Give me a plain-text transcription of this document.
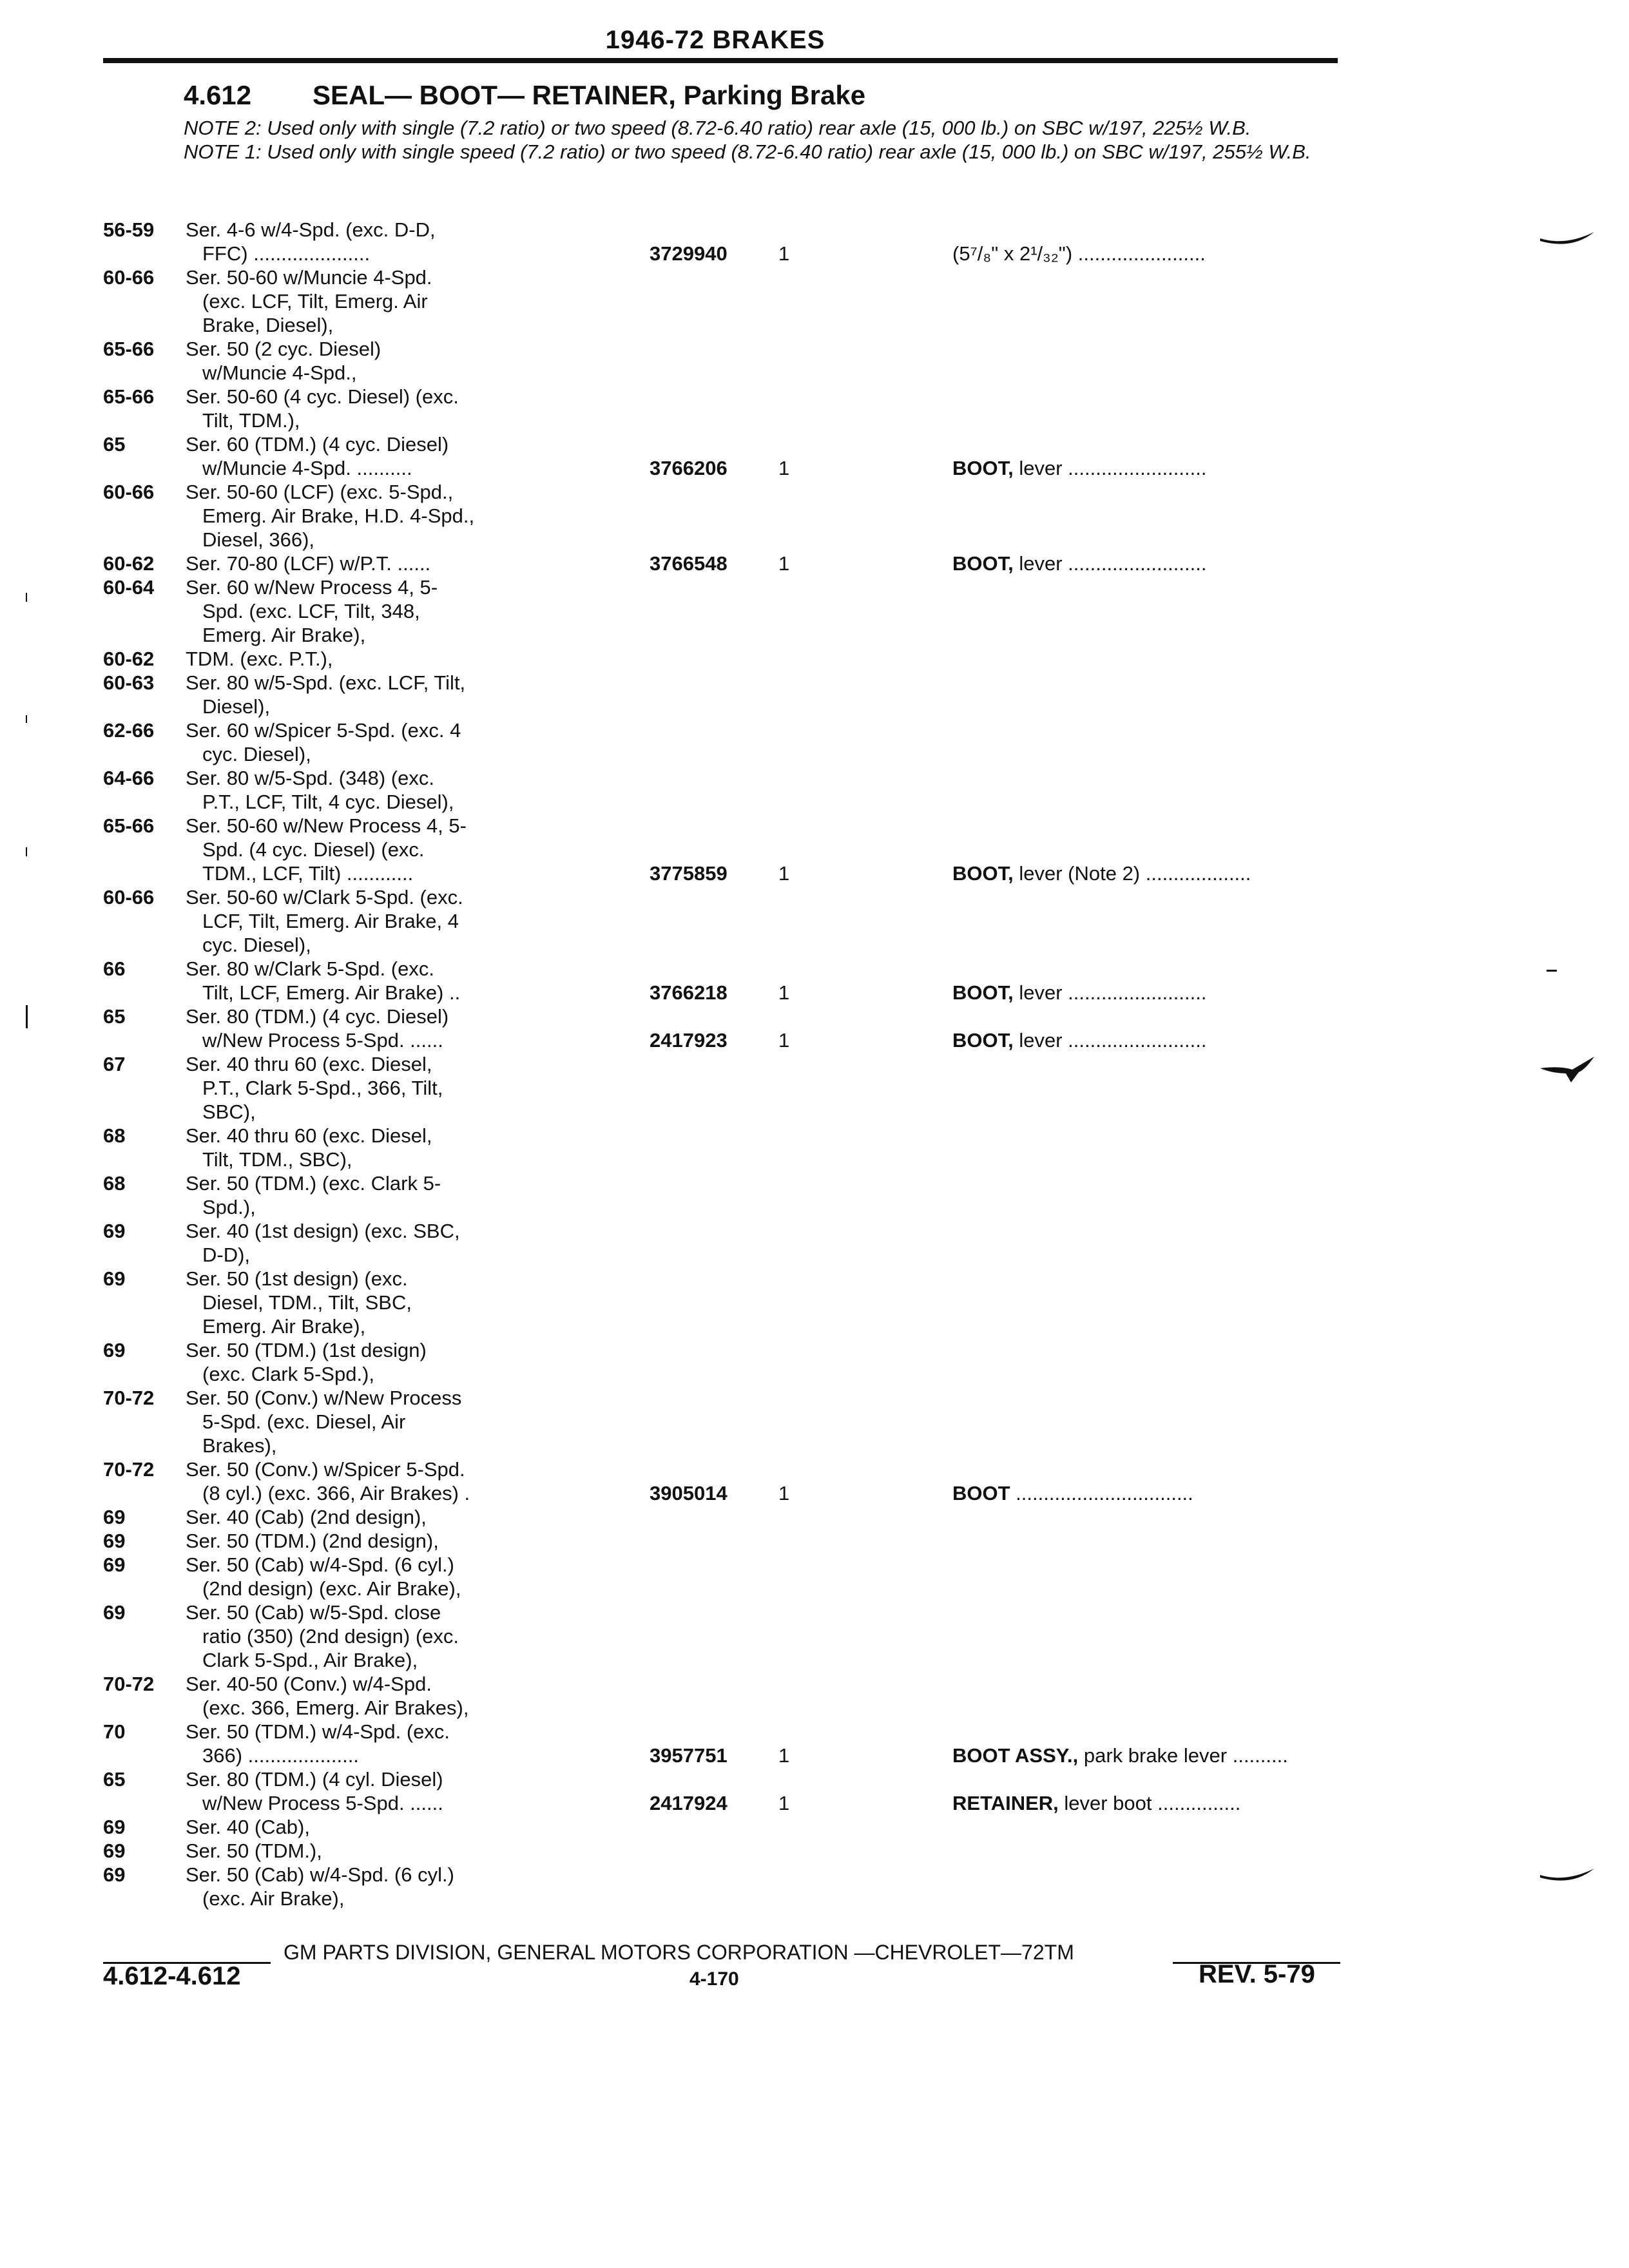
1946-72 BRAKES
4.612 SEAL— BOOT— RETAINER, Parking Brake

NOTE 2: Used only with single (7.2 ratio) or two speed (8.72-6.40 ratio) rear axle (15, 000 lb.) on SBC w/197, 225½ W.B.

NOTE 1: Used only with single speed (7.2 ratio) or two speed (8.72-6.40 ratio) rear axle (15, 000 lb.) on SBC w/197, 255½ W.B.

56-59	Ser. 4-6 w/4-Spd. (exc. D-D,
FFC) .....................	3729940	1	(5⁷/₈" x 2¹/₃₂") .......................
60-66	Ser. 50-60 w/Muncie 4-Spd.
(exc. LCF, Tilt, Emerg. Air
Brake, Diesel),
65-66	Ser. 50 (2 cyc. Diesel)
w/Muncie 4-Spd.,
65-66	Ser. 50-60 (4 cyc. Diesel) (exc.
Tilt, TDM.),
65	Ser. 60 (TDM.) (4 cyc. Diesel)
w/Muncie 4-Spd. ..........	3766206	1	BOOT, lever .........................
60-66	Ser. 50-60 (LCF) (exc. 5-Spd.,
Emerg. Air Brake, H.D. 4-Spd.,
Diesel, 366),
60-62	Ser. 70-80 (LCF) w/P.T. ......	3766548	1	BOOT, lever .........................
60-64	Ser. 60 w/New Process 4, 5-
Spd. (exc. LCF, Tilt, 348,
Emerg. Air Brake),
60-62	TDM. (exc. P.T.),
60-63	Ser. 80 w/5-Spd. (exc. LCF, Tilt,
Diesel),
62-66	Ser. 60 w/Spicer 5-Spd. (exc. 4
cyc. Diesel),
64-66	Ser. 80 w/5-Spd. (348) (exc.
P.T., LCF, Tilt, 4 cyc. Diesel),
65-66	Ser. 50-60 w/New Process 4, 5-
Spd. (4 cyc. Diesel) (exc.
TDM., LCF, Tilt) ............	3775859	1	BOOT, lever (Note 2) ...................
60-66	Ser. 50-60 w/Clark 5-Spd. (exc.
LCF, Tilt, Emerg. Air Brake, 4
cyc. Diesel),
66	Ser. 80 w/Clark 5-Spd. (exc.
Tilt, LCF, Emerg. Air Brake) ..	3766218	1	BOOT, lever .........................
65	Ser. 80 (TDM.) (4 cyc. Diesel)
w/New Process 5-Spd. ......	2417923	1	BOOT, lever .........................
67	Ser. 40 thru 60 (exc. Diesel,
P.T., Clark 5-Spd., 366, Tilt,
SBC),
68	Ser. 40 thru 60 (exc. Diesel,
Tilt, TDM., SBC),
68	Ser. 50 (TDM.) (exc. Clark 5-
Spd.),
69	Ser. 40 (1st design) (exc. SBC,
D-D),
69	Ser. 50 (1st design) (exc.
Diesel, TDM., Tilt, SBC,
Emerg. Air Brake),
69	Ser. 50 (TDM.) (1st design)
(exc. Clark 5-Spd.),
70-72	Ser. 50 (Conv.) w/New Process
5-Spd. (exc. Diesel, Air
Brakes),
70-72	Ser. 50 (Conv.) w/Spicer 5-Spd.
(8 cyl.) (exc. 366, Air Brakes) .	3905014	1	BOOT ................................
69	Ser. 40 (Cab) (2nd design),
69	Ser. 50 (TDM.) (2nd design),
69	Ser. 50 (Cab) w/4-Spd. (6 cyl.)
(2nd design) (exc. Air Brake),
69	Ser. 50 (Cab) w/5-Spd. close
ratio (350) (2nd design) (exc.
Clark 5-Spd., Air Brake),
70-72	Ser. 40-50 (Conv.) w/4-Spd.
(exc. 366, Emerg. Air Brakes),
70	Ser. 50 (TDM.) w/4-Spd. (exc.
366) ....................	3957751	1	BOOT ASSY., park brake lever ..........
65	Ser. 80 (TDM.) (4 cyl. Diesel)
w/New Process 5-Spd. ......	2417924	1	RETAINER, lever boot ...............
69	Ser. 40 (Cab),
69	Ser. 50 (TDM.),
69	Ser. 50 (Cab) w/4-Spd. (6 cyl.)
(exc. Air Brake),
GM PARTS DIVISION, GENERAL MOTORS CORPORATION —CHEVROLET—72TM
4.612-4.612	4-170	REV. 5-79
